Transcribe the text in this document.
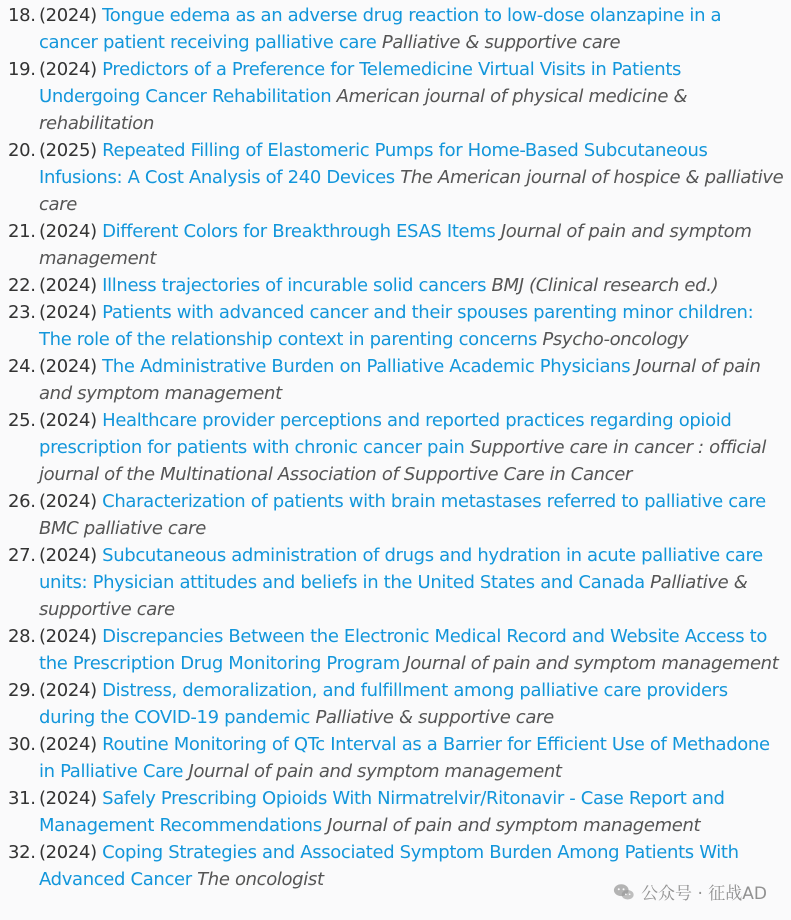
18. (2024) Tongue edema as an adverse drug reaction to low-dose olanzapine in a cancer patient receiving palliative care Palliative & supportive care
19. (2024) Predictors of a Preference for Telemedicine Virtual Visits in Patients Undergoing Cancer Rehabilitation American journal of physical medicine & rehabilitation
20. (2025) Repeated Filling of Elastomeric Pumps for Home-Based Subcutaneous Infusions: A Cost Analysis of 240 Devices The American journal of hospice & palliative care
21. (2024) Different Colors for Breakthrough ESAS Items Journal of pain and symptom management
22. (2024) Illness trajectories of incurable solid cancers BMJ (Clinical research ed.)
23. (2024) Patients with advanced cancer and their spouses parenting minor children: The role of the relationship context in parenting concerns Psycho-oncology
24. (2024) The Administrative Burden on Palliative Academic Physicians Journal of pain and symptom management
25. (2024) Healthcare provider perceptions and reported practices regarding opioid prescription for patients with chronic cancer pain Supportive care in cancer : official journal of the Multinational Association of Supportive Care in Cancer
26. (2024) Characterization of patients with brain metastases referred to palliative care BMC palliative care
27. (2024) Subcutaneous administration of drugs and hydration in acute palliative care units: Physician attitudes and beliefs in the United States and Canada Palliative & supportive care
28. (2024) Discrepancies Between the Electronic Medical Record and Website Access to the Prescription Drug Monitoring Program Journal of pain and symptom management
29. (2024) Distress, demoralization, and fulfillment among palliative care providers during the COVID-19 pandemic Palliative & supportive care
30. (2024) Routine Monitoring of QTc Interval as a Barrier for Efficient Use of Methadone in Palliative Care Journal of pain and symptom management
31. (2024) Safely Prescribing Opioids With Nirmatrelvir/Ritonavir - Case Report and Management Recommendations Journal of pain and symptom management
32. (2024) Coping Strategies and Associated Symptom Burden Among Patients With Advanced Cancer The oncologist
公众号 · 征战AD
